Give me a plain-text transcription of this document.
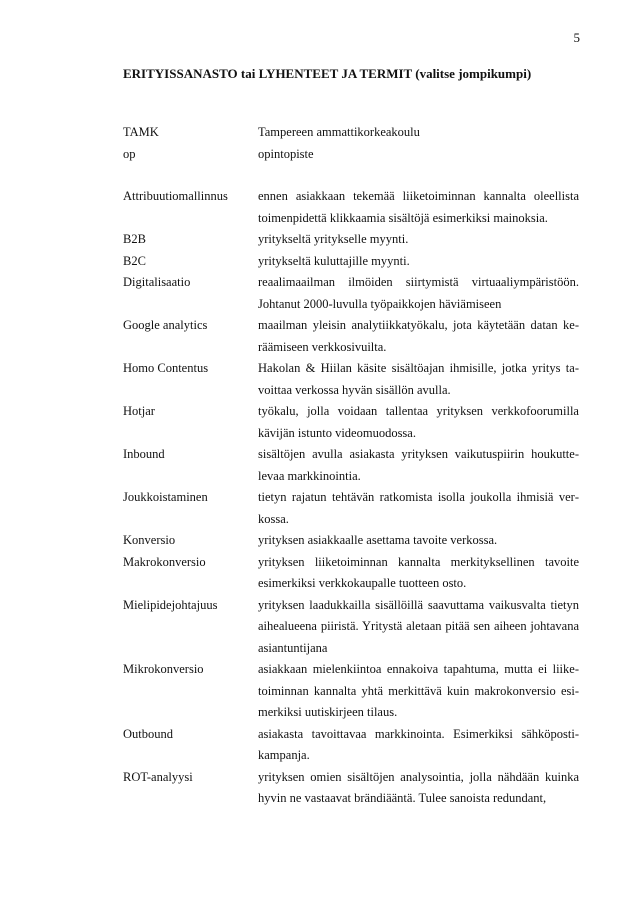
5
ERITYISSANASTO tai LYHENTEET JA TERMIT (valitse jompikumpi)
TAMK	Tampereen ammattikorkeakoulu
op	opintopiste
Attribuutiomallinnus	ennen asiakkaan tekemää liiketoiminnan kannalta oleellista toimenpidettä klikkaamia sisältöjä esimerkiksi mainoksia.
B2B	yritykseltä yritykselle myynti.
B2C	yritykseltä kuluttajille myynti.
Digitalisaatio	reaalimaailman ilmöiden siirtymistä virtuaaliympäristöön. Johtanut 2000-luvulla työpaikkojen häviämiseen
Google analytics	maailman yleisin analytiikkatyökalu, jota käytetään datan keräämiseen verkkosivuilta.
Homo Contentus	Hakolan & Hiilan käsite sisältöajan ihmisille, jotka yritys tavoittaa verkossa hyvän sisällön avulla.
Hotjar	työkalu, jolla voidaan tallentaa yrityksen verkkofoorumilla kävijän istunto videomuodossa.
Inbound	sisältöjen avulla asiakasta yrityksen vaikutuspiirin houkuttelevaa markkinointia.
Joukkoistaminen	tietyn rajatun tehtävän ratkomista isolla joukolla ihmisiä verkossa.
Konversio	yrityksen asiakkaalle asettama tavoite verkossa.
Makrokonversio	yrityksen liiketoiminnan kannalta merkityksellinen tavoite esimerkiksi verkkokaupalle tuotteen osto.
Mielipidejohtajuus	yrityksen laadukkailla sisällöillä saavuttama vaikusvalta tietyn aihealueena piiristä. Yritystä aletaan pitää sen aiheen johtavana asiantuntijana
Mikrokonversio	asiakkaan mielenkiintoa ennakoiva tapahtuma, mutta ei liiketoiminnan kannalta yhtä merkittävä kuin makrokonversio esimerkiksi uutiskirjeen tilaus.
Outbound	asiakasta tavoittavaa markkinointa. Esimerkiksi sähköpostikampanja.
ROT-analyysi	yrityksen omien sisältöjen analysointia, jolla nähdään kuinka hyvin ne vastaavat brändiääntä. Tulee sanoista redundant,
